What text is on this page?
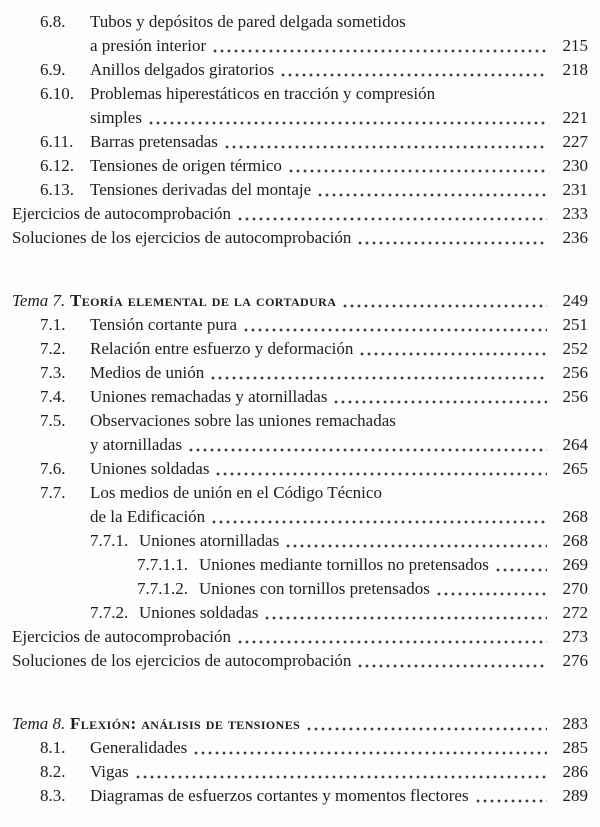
6.8.	Tubos y depósitos de pared delgada sometidos
a presión interior	215
6.9.	Anillos delgados giratorios	218
6.10. Problemas hiperestáticos en tracción y compresión
simples	221
6.11. Barras pretensadas	227
6.12. Tensiones de origen térmico	230
6.13. Tensiones derivadas del montaje	231
Ejercicios de autocomprobación	233
Soluciones de los ejercicios de autocomprobación	236
Tema 7. Teoría elemental de la cortadura	249
7.1.	Tensión cortante pura	251
7.2.	Relación entre esfuerzo y deformación	252
7.3.	Medios de unión	256
7.4.	Uniones remachadas y atornilladas	256
7.5.	Observaciones sobre las uniones remachadas
y atornilladas	264
7.6.	Uniones soldadas	265
7.7.	Los medios de unión en el Código Técnico
de la Edificación	268
7.7.1. Uniones atornilladas	268
7.7.1.1. Uniones mediante tornillos no pretensados	269
7.7.1.2. Uniones con tornillos pretensados	270
7.7.2. Uniones soldadas	272
Ejercicios de autocomprobación	273
Soluciones de los ejercicios de autocomprobación	276
Tema 8. Flexión: análisis de tensiones	283
8.1.	Generalidades	285
8.2.	Vigas	286
8.3.	Diagramas de esfuerzos cortantes y momentos flectores	289
